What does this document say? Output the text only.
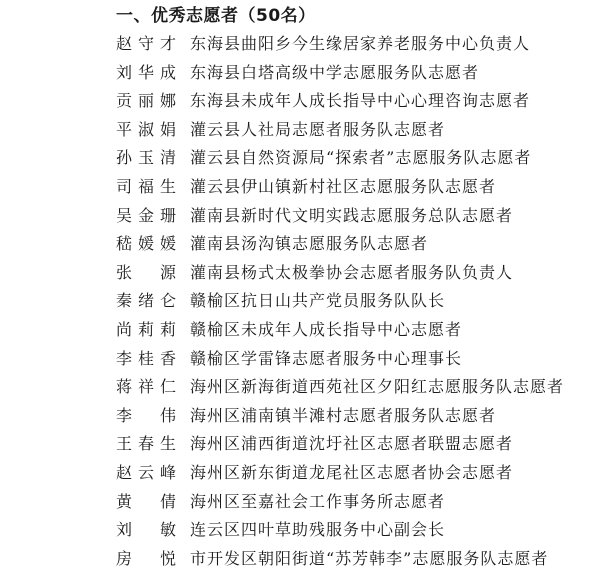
一、优秀志愿者（50名）
赵守才 东海县曲阳乡今生缘居家养老服务中心负责人
刘华成 东海县白塔高级中学志愿服务队志愿者
贡丽娜 东海县未成年人成长指导中心心理咨询志愿者
平淑娟 灌云县人社局志愿者服务队志愿者
孙玉清 灌云县自然资源局“探索者”志愿服务队志愿者
司福生 灌云县伊山镇新村社区志愿服务队志愿者
吴金珊 灌南县新时代文明实践志愿服务总队志愿者
嵇媛媛 灌南县汤沟镇志愿服务队志愿者
张　源 灌南县杨式太极拳协会志愿者服务队负责人
秦绪仑 赣榆区抗日山共产党员服务队队长
尚莉莉 赣榆区未成年人成长指导中心志愿者
李桂香 赣榆区学雷锋志愿者服务中心理事长
蒋祥仁 海州区新海街道西苑社区夕阳红志愿服务队志愿者
李　伟 海州区浦南镇半滩村志愿者服务队志愿者
王春生 海州区浦西街道沈圩社区志愿者联盟志愿者
赵云峰 海州区新东街道龙尾社区志愿者协会志愿者
黄　倩 海州区至嘉社会工作事务所志愿者
刘　敏 连云区四叶草助残服务中心副会长
房　悦 市开发区朝阳街道“苏芳韩李”志愿服务队志愿者
